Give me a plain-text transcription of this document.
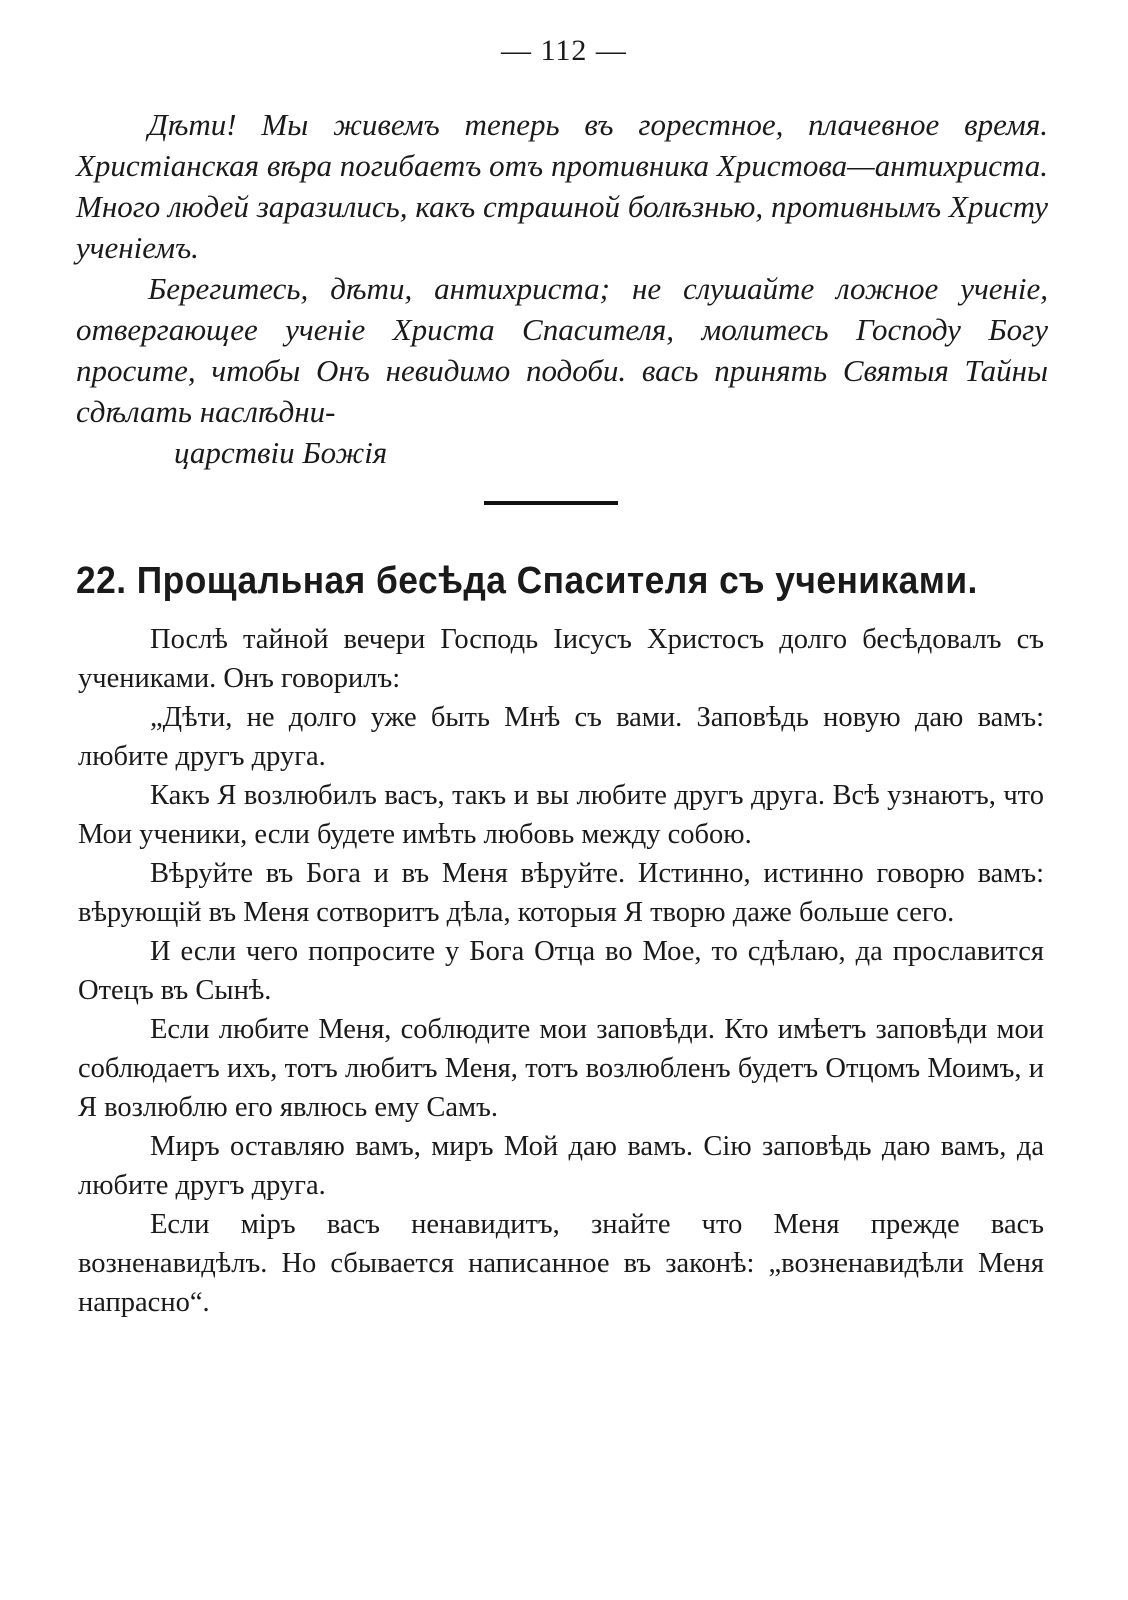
— 112 —

Дѣти! Мы живемъ теперь въ горестное, плачевное время. Христіанская вѣра погибаетъ отъ противника Христова—антихриста. Много людей заразились, какъ страшной болѣзнью, противнымъ Христу ученіемъ.

Берегитесь, дѣти, антихриста; не слушайте ложное ученіе, отвергающее ученіе Христа Спасителя, молитесь Господу Богу просите, чтобы Онъ невидимо подоби. вась принять Святыя Тайны сдѣлать наслѣдни-

царствіи Божія

22. Прощальная бесѣда Спасителя съ учениками.

Послѣ тайной вечери Господь Іисусъ Христосъ долго бесѣдовалъ съ учениками. Онъ говорилъ:

„Дѣти, не долго уже быть Мнѣ съ вами. Заповѣдь новую даю вамъ: любите другъ друга.

Какъ Я возлюбилъ васъ, такъ и вы любите другъ друга. Всѣ узнаютъ, что Мои ученики, если будете имѣть любовь между собою.

Вѣруйте въ Бога и въ Меня вѣруйте. Истинно, истинно говорю вамъ: вѣрующій въ Меня сотворитъ дѣла, которыя Я творю даже больше сего.

И если чего попросите у Бога Отца во Мое, то сдѣлаю, да прославится Отецъ въ Сынѣ.

Если любите Меня, соблюдите мои заповѣди. Кто имѣетъ заповѣди мои соблюдаетъ ихъ, тотъ любитъ Меня, тотъ возлюбленъ будетъ Отцомъ Моимъ, и Я возлюблю его явлюсь ему Самъ.

Миръ оставляю вамъ, миръ Мой даю вамъ. Сію заповѣдь даю вамъ, да любите другъ друга.

Если міръ васъ ненавидитъ, знайте что Меня прежде васъ возненавидѣлъ. Но сбывается написанное въ законѣ: „возненавидѣли Меня напрасно“.
